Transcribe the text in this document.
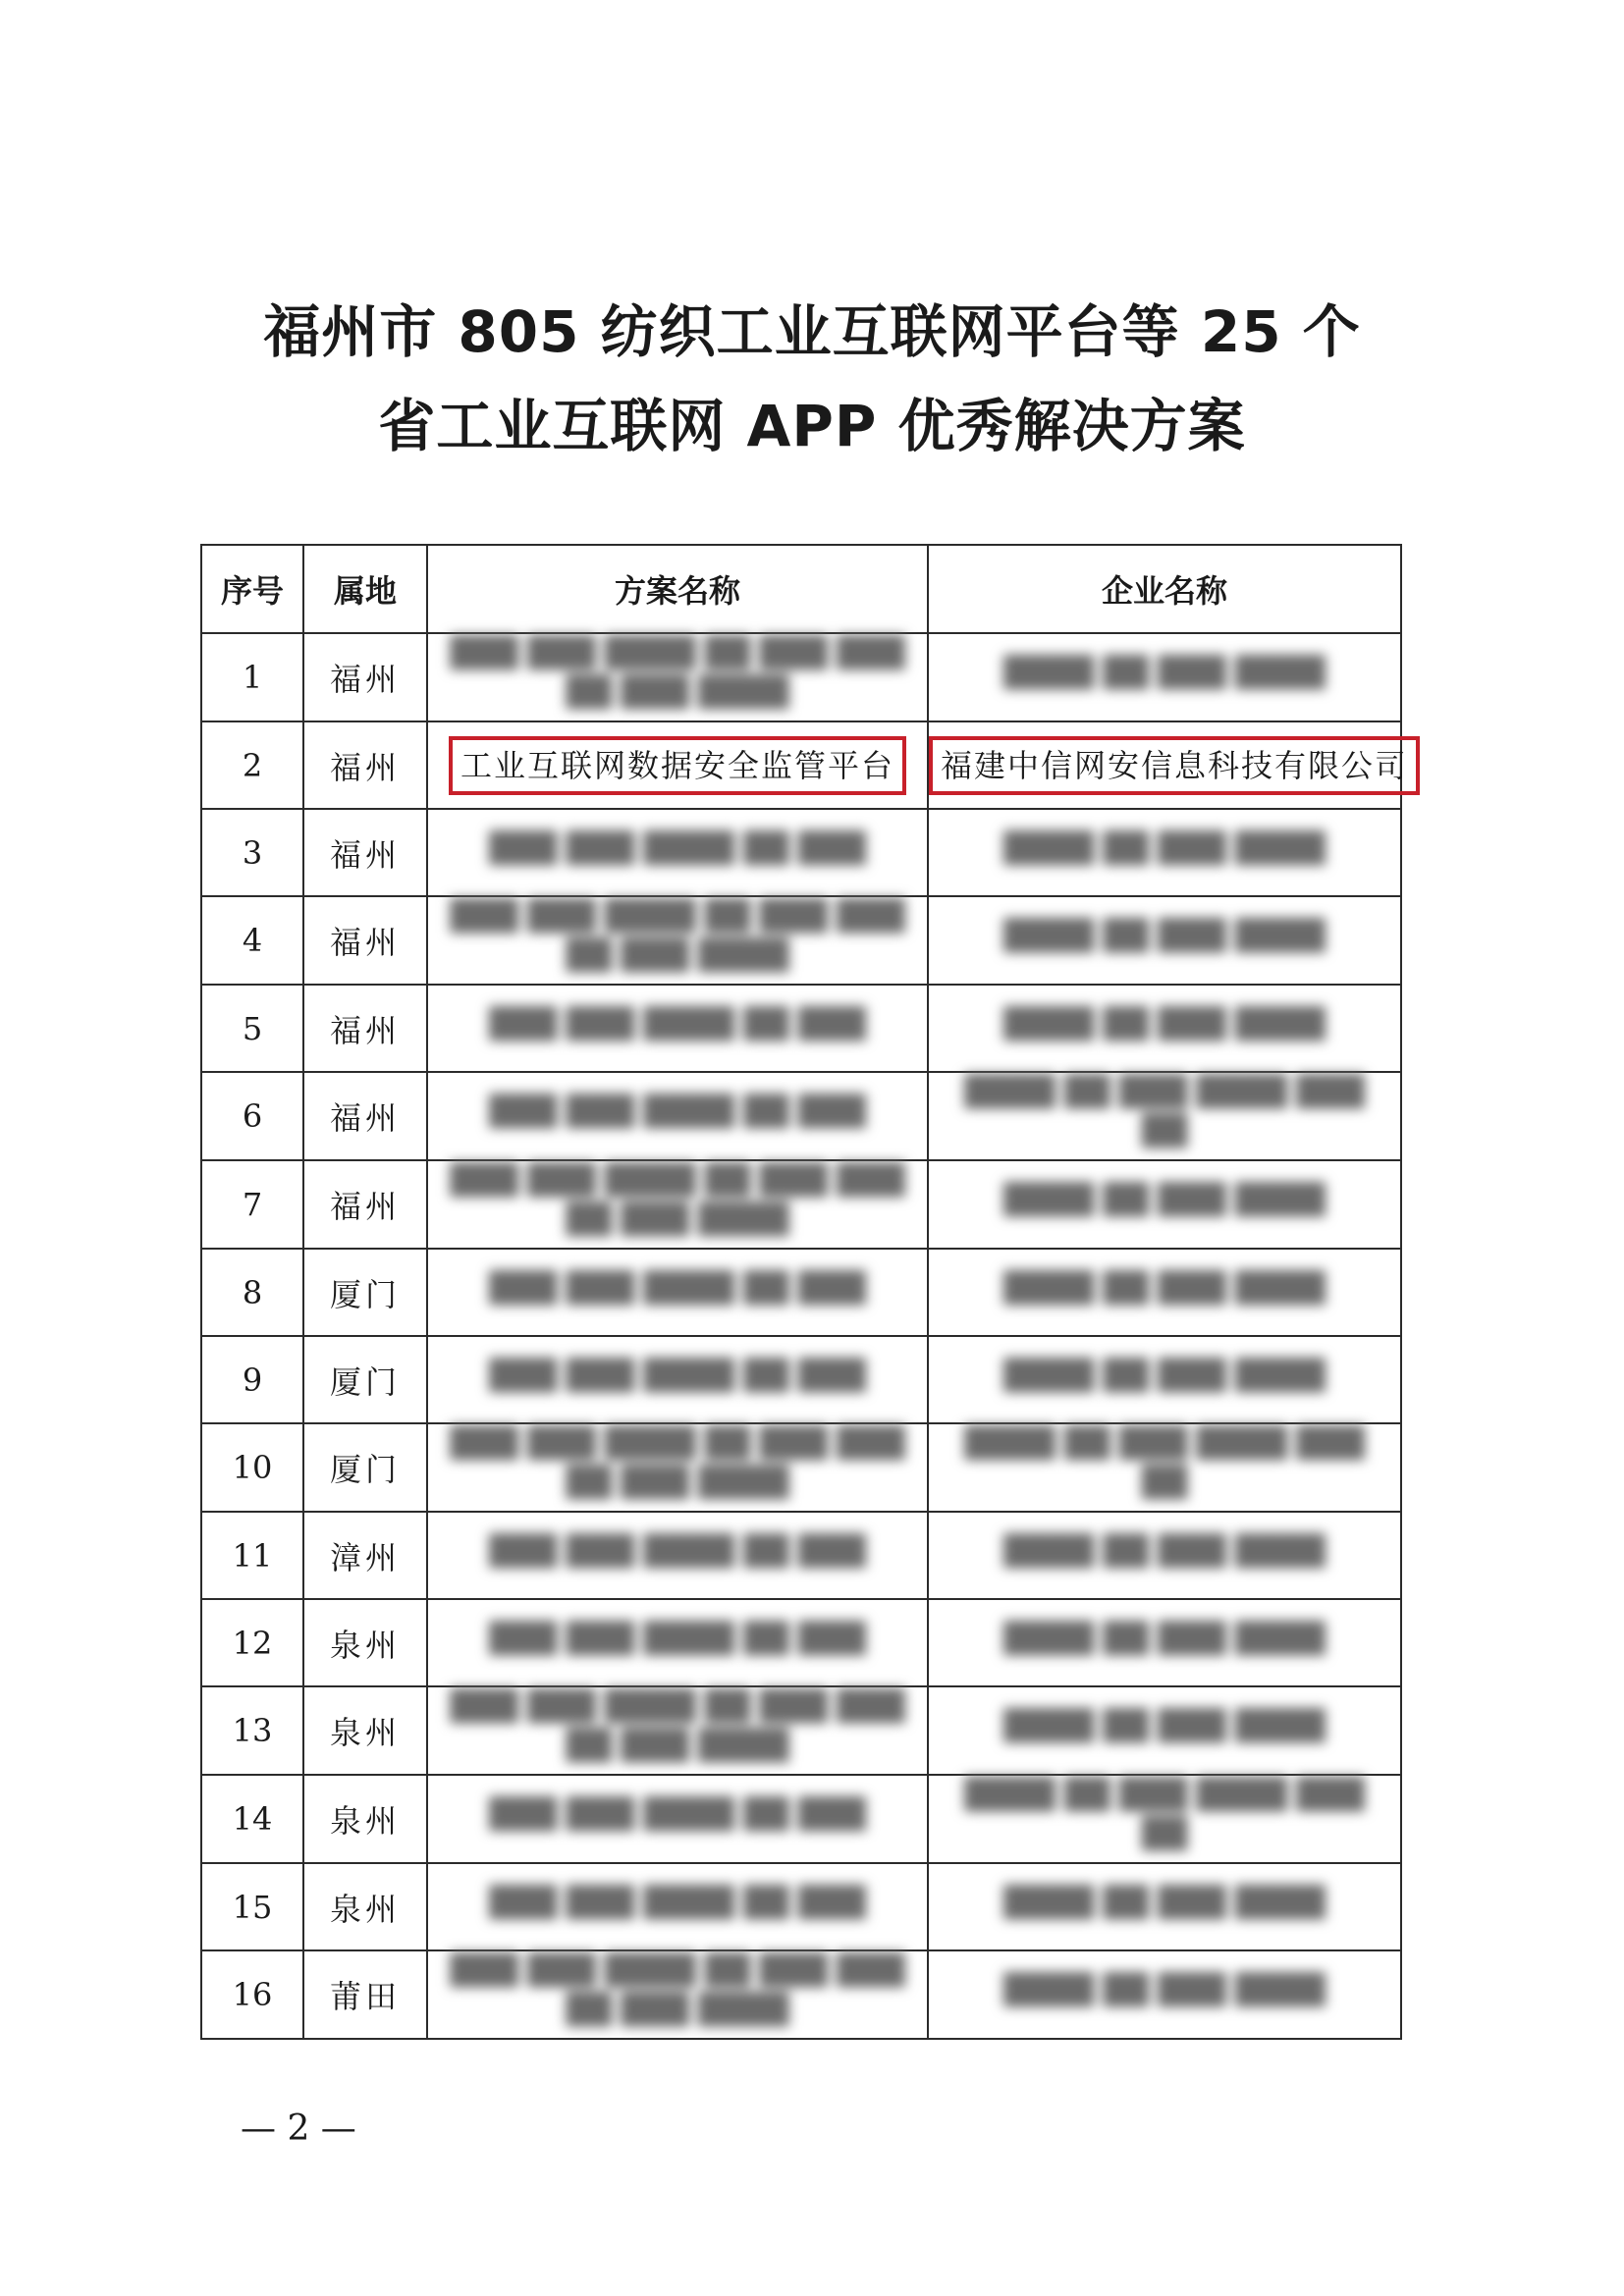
福州市 805 纺织工业互联网平台等 25 个
省工业互联网 APP 优秀解决方案
序号	属地	方案名称	企业名称
1	福州	███ ███ ████ ██ ███ ███ ██ ███ ████	████ ██ ███ ████
2	福州	工业互联网数据安全监管平台	福建中信网安信息科技有限公司
3	福州	███ ███ ████ ██ ███	████ ██ ███ ████
4	福州	███ ███ ████ ██ ███ ███ ██ ███ ████	████ ██ ███ ████
5	福州	███ ███ ████ ██ ███	████ ██ ███ ████
6	福州	███ ███ ████ ██ ███	████ ██ ███ ████ ███ ██
7	福州	███ ███ ████ ██ ███ ███ ██ ███ ████	████ ██ ███ ████
8	厦门	███ ███ ████ ██ ███	████ ██ ███ ████
9	厦门	███ ███ ████ ██ ███	████ ██ ███ ████
10	厦门	███ ███ ████ ██ ███ ███ ██ ███ ████	████ ██ ███ ████ ███ ██
11	漳州	███ ███ ████ ██ ███	████ ██ ███ ████
12	泉州	███ ███ ████ ██ ███	████ ██ ███ ████
13	泉州	███ ███ ████ ██ ███ ███ ██ ███ ████	████ ██ ███ ████
14	泉州	███ ███ ████ ██ ███	████ ██ ███ ████ ███ ██
15	泉州	███ ███ ████ ██ ███	████ ██ ███ ████
16	莆田	███ ███ ████ ██ ███ ███ ██ ███ ████	████ ██ ███ ████
— 2 —
